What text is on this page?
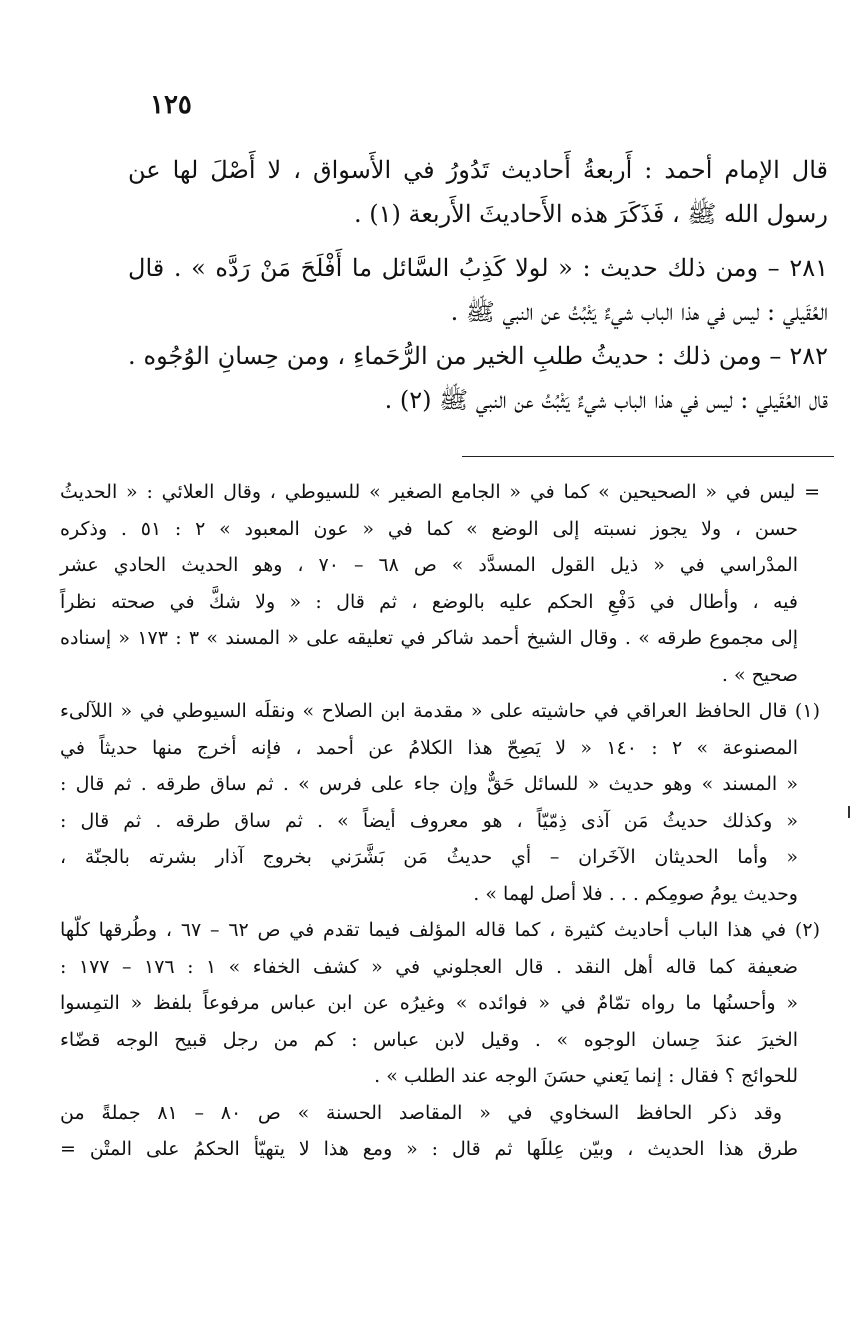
١٢٥
قال الإمام أحمد : أَربعةُ أَحاديث تَدُورُ في الأَسواق ، لا أَصْلَ لها عن
رسول الله ﷺ ، فَذَكَرَ هذه الأَحاديثَ الأَربعة (١) .
٢٨١ – ومن ذلك حديث : « لولا كَذِبُ السَّائل ما أَفْلَحَ مَنْ رَدَّه » . قال
العُقَيلي : ليس في هذا الباب شيءٌ يَثْبُتُ عن النبي ﷺ .
٢٨٢ – ومن ذلك : حديثُ طلبِ الخير من الرُّحَماءِ ، ومن حِسانِ الوُجُوه .
قال العُقَيلي : ليس في هذا الباب شيءٌ يَثْبُتُ عن النبي ﷺ (٢) .
= ليس في « الصحيحين » كما في « الجامع الصغير » للسيوطي ، وقال العلائي : « الحديثُ
حسن ، ولا يجوز نسبته إلى الوضع » كما في « عون المعبود » ٢ : ٥١ . وذكره
المدْراسي في « ذيل القول المسدَّد » ص ٦٨ – ٧٠ ، وهو الحديث الحادي عشر
فيه ، وأطال في دَفْعِ الحكم عليه بالوضع ، ثم قال : « ولا شكَّ في صحته نظراً
إلى مجموع طرقه » . وقال الشيخ أحمد شاكر في تعليقه على « المسند » ٣ : ١٧٣ « إسناده
صحيح » .
(١) قال الحافظ العراقي في حاشيته على « مقدمة ابن الصلاح » ونقلَه السيوطي في « اللآلىء
المصنوعة » ٢ : ١٤٠ « لا يَصِحّ هذا الكلامُ عن أحمد ، فإنه أخرج منها حديثاً في
« المسند » وهو حديث « للسائل حَقٌّ وإن جاء على فرس » . ثم ساق طرقه . ثم قال :
« وكذلك حديثُ مَن آذى ذِمّيّاً ، هو معروف أيضاً » . ثم ساق طرقه . ثم قال :
« وأما الحديثان الآخَران – أي حديثُ مَن بَشَّرَني بخروج آذار بشرته بالجنّة ،
وحديث يومُ صومِكم . . . فلا أصل لهما » .
(٢) في هذا الباب أحاديث كثيرة ، كما قاله المؤلف فيما تقدم في ص ٦٢ – ٦٧ ، وطُرقها كلّها
ضعيفة كما قاله أهل النقد . قال العجلوني في « كشف الخفاء » ١ : ١٧٦ – ١٧٧ :
« وأحسنُها ما رواه تمّامٌ في « فوائده » وغيرُه عن ابن عباس مرفوعاً بلفظ « التمِسوا
الخيرَ عندَ حِسان الوجوه » . وقيل لابن عباس : كم من رجل قبيح الوجه قضّاء
للحوائج ؟ فقال : إنما يَعني حسَنَ الوجه عند الطلب » .
وقد ذكر الحافظ السخاوي في « المقاصد الحسنة » ص ٨٠ – ٨١ جملةً من
طرق هذا الحديث ، وبيّن عِللَها ثم قال : « ومع هذا لا يتهيّأ الحكمُ على المتْن =
